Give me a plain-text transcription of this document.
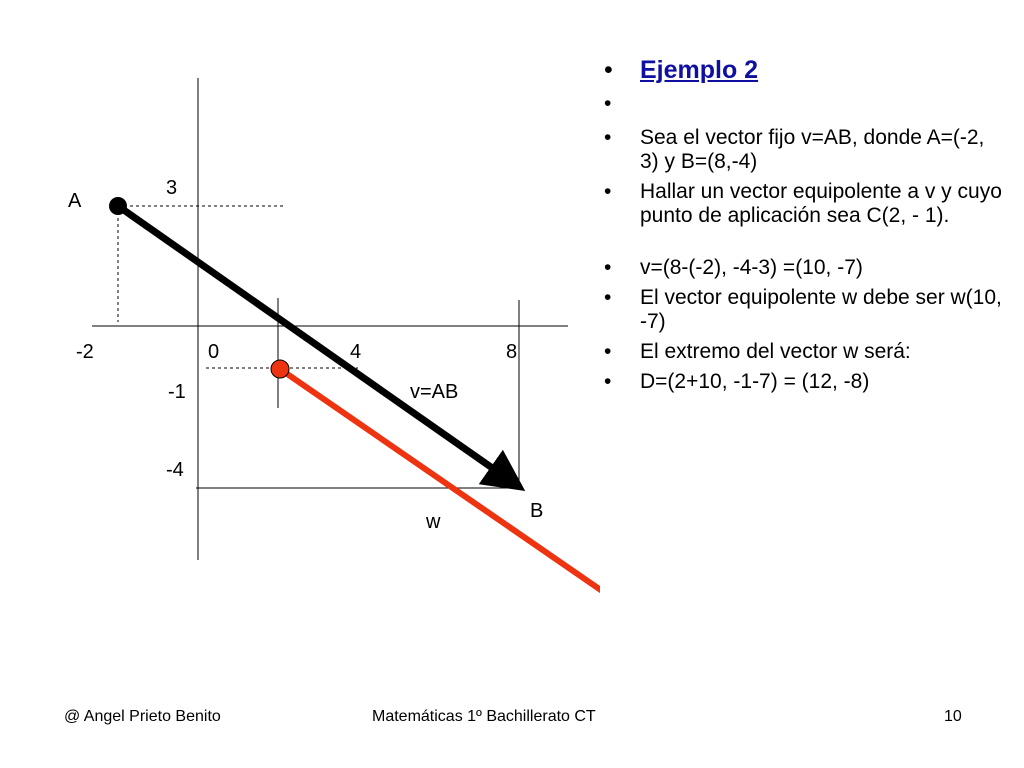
A
B
3
-2	0	4	8
-1
-4
v=AB
w
• Ejemplo 2
•
• Sea el vector fijo v=AB, donde A=(-2, 3) y B=(8,-4)
• Hallar un vector equipolente a v y cuyo punto de aplicación sea C(2, - 1).
• v=(8-(-2), -4-3) =(10, -7)
• El vector equipolente w debe ser w(10, -7)
• El extremo del vector w será:
• D=(2+10, -1-7) = (12, -8)
@ Angel Prieto Benito	Matemáticas 1º Bachillerato CT	10
